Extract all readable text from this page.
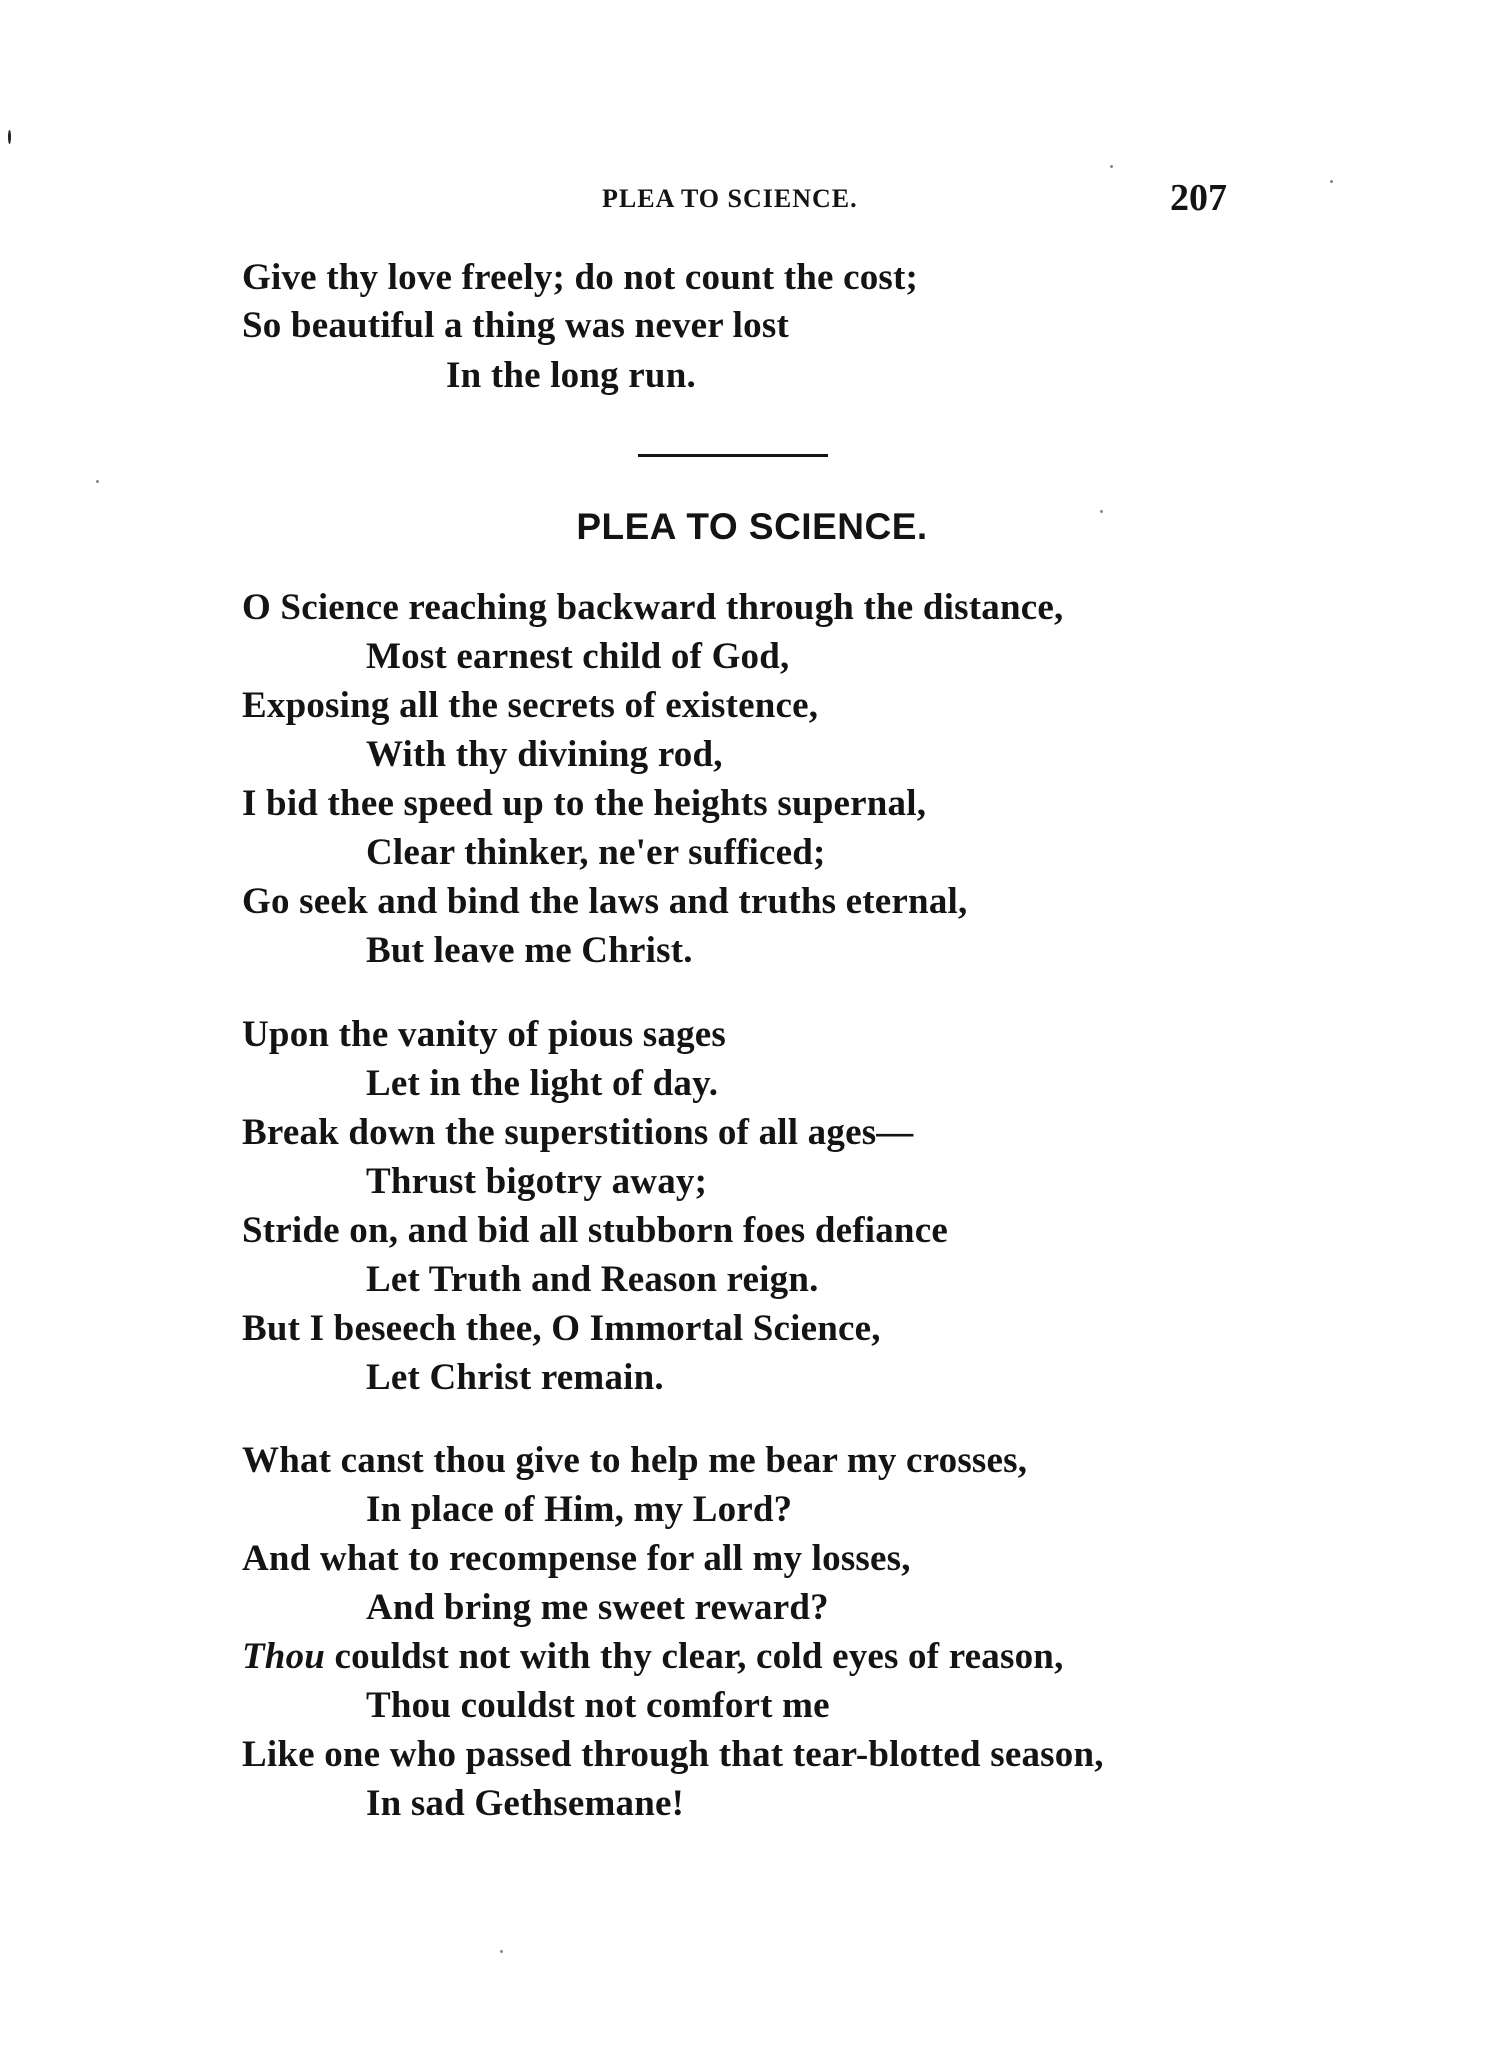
PLEA TO SCIENCE.	207
Give thy love freely; do not count the cost;
So beautiful a thing was never lost
In the long run.
PLEA TO SCIENCE.
O Science reaching backward through the distance,
Most earnest child of God,
Exposing all the secrets of existence,
With thy divining rod,
I bid thee speed up to the heights supernal,
Clear thinker, ne'er sufficed;
Go seek and bind the laws and truths eternal,
But leave me Christ.
Upon the vanity of pious sages
Let in the light of day.
Break down the superstitions of all ages—
Thrust bigotry away;
Stride on, and bid all stubborn foes defiance
Let Truth and Reason reign.
But I beseech thee, O Immortal Science,
Let Christ remain.
What canst thou give to help me bear my crosses,
In place of Him, my Lord?
And what to recompense for all my losses,
And bring me sweet reward?
Thou couldst not with thy clear, cold eyes of reason,
Thou couldst not comfort me
Like one who passed through that tear-blotted season,
In sad Gethsemane!
